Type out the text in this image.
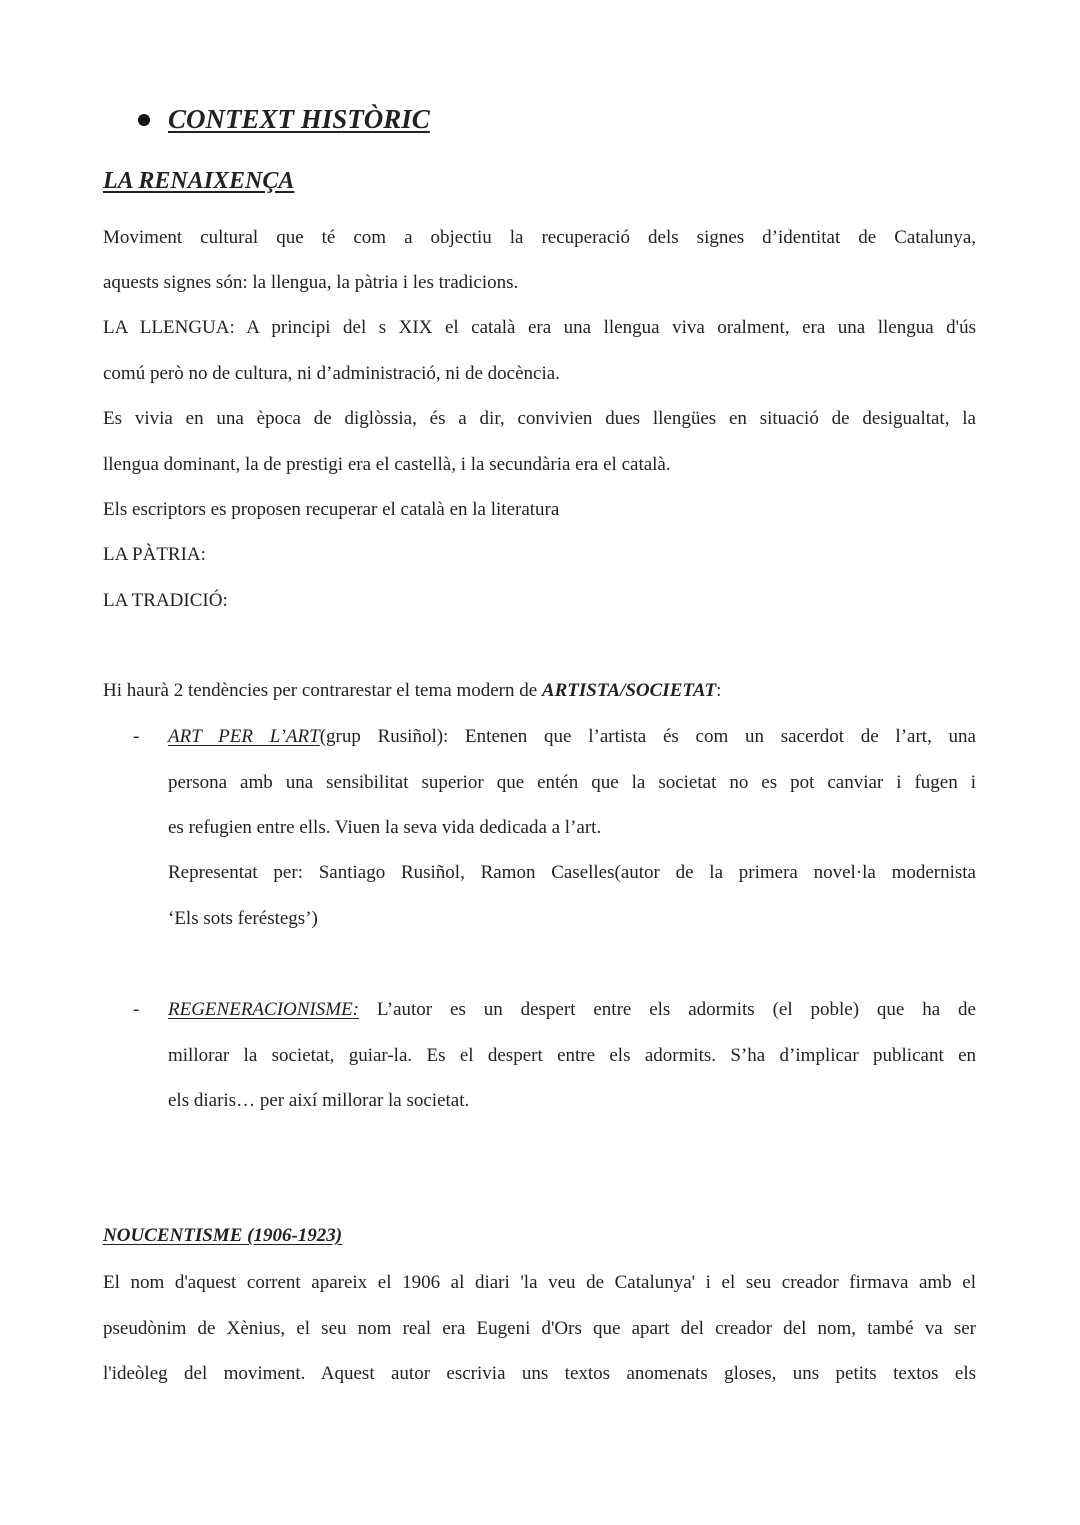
CONTEXT HISTÒRIC
LA RENAIXENÇA
Moviment cultural que té com a objectiu la recuperació dels signes d’identitat de Catalunya,
aquests signes són: la llengua, la pàtria i les tradicions.
LA LLENGUA: A principi del s XIX el català era una llengua viva oralment, era una llengua d'ús
comú però no de cultura, ni d’administració, ni de docència.
Es vivia en una època de diglòssia, és a dir, convivien dues llengües en situació de desigualtat, la
llengua dominant, la de prestigi era el castellà, i la secundària era el català.
Els escriptors es proposen recuperar el català en la literatura
LA PÀTRIA:
LA TRADICIÓ:
Hi haurà 2 tendències per contrarestar el tema modern de ARTISTA/SOCIETAT:
- ART PER L’ART(grup Rusiñol): Entenen que l’artista és com un sacerdot de l’art, una
persona amb una sensibilitat superior que entén que la societat no es pot canviar i fugen i
es refugien entre ells. Viuen la seva vida dedicada a l’art.
Representat per: Santiago Rusiñol, Ramon Caselles(autor de la primera novel·la modernista
‘Els sots feréstegs’)
- REGENERACIONISME: L’autor es un despert entre els adormits (el poble) que ha de
millorar la societat, guiar-la. Es el despert entre els adormits. S’ha d’implicar publicant en
els diaris… per així millorar la societat.
NOUCENTISME (1906-1923)
El nom d'aquest corrent apareix el 1906 al diari 'la veu de Catalunya' i el seu creador firmava amb el
pseudònim de Xènius, el seu nom real era Eugeni d'Ors que apart del creador del nom, també va ser
l'ideòleg del moviment. Aquest autor escrivia uns textos anomenats gloses, uns petits textos els
